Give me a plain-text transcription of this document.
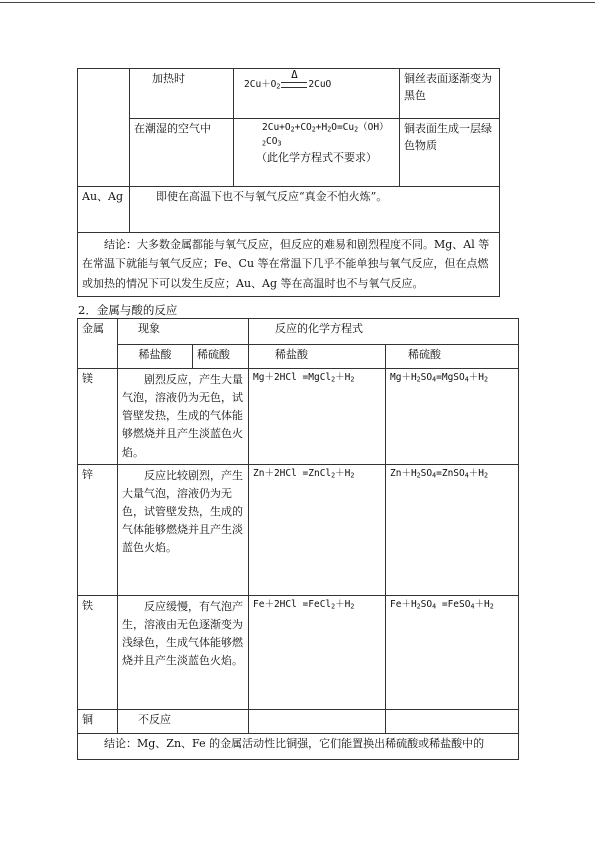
	加热时	$2Cu+O_2$
Δ
2CuO	铜丝表面逐渐变为黑色
	在潮湿的空气中	$2Cu+O_2+CO_2+H_2O=Cu_2(OH)$
$_2CO_3$
（此化学方程式不要求）	铜表面生成一层绿色物质
Au、Ag	即使在高温下也不与氧气反应“真金不怕火炼”。		
结论：大多数金属都能与氧气反应，但反应的难易和剧烈程度不同。Mg、Al 等在常温下就能与氧气反应；Fe、Cu 等在常温下几乎不能单独与氧气反应，但在点燃或加热的情况下可以发生反应；Au、Ag 等在高温时也不与氧气反应。			
2．金属与酸的反应
金属	现象		反应的化学方程式	
	稀盐酸	稀硫酸	稀盐酸	稀硫酸
镁	剧烈反应，产生大量气泡，溶液仍为无色，试管壁发热，生成的气体能够燃烧并且产生淡蓝色火焰。		$Mg+2HCl =MgCl_2+H_2$	$Mg+H_2SO_4=MgSO_4+H_2$
锌	反应比较剧烈，产生大量气泡，溶液仍为无色，试管壁发热，生成的气体能够燃烧并且产生淡蓝色火焰。		$Zn+2HCl =ZnCl_2+H_2$	$Zn+H_2SO_4=ZnSO_4+H_2$
铁	反应缓慢，有气泡产生，溶液由无色逐渐变为浅绿色，生成气体能够燃烧并且产生淡蓝色火焰。		$Fe+2HCl =FeCl_2+H_2$	$Fe+H_2SO_4$ $=FeSO_4+H_2$
铜	不反应			
结论：Mg、Zn、Fe 的金属活动性比铜强，它们能置换出稀硫酸或稀盐酸中的				
